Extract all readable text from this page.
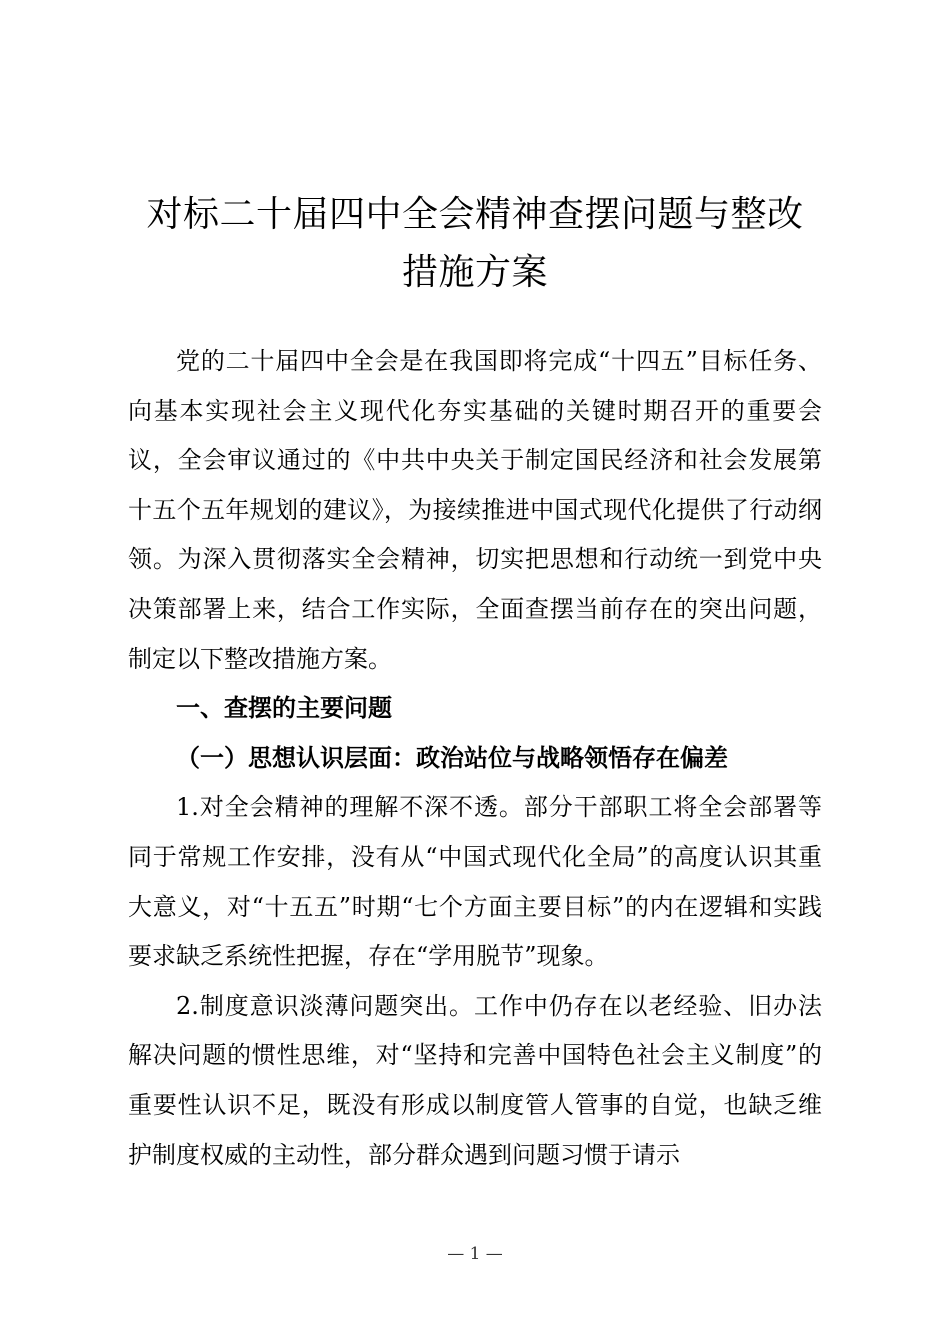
对标二十届四中全会精神查摆问题与整改
措施方案

党的二十届四中全会是在我国即将完成“十四五”目标任务、向基本实现社会主义现代化夯实基础的关键时期召开的重要会议，全会审议通过的《中共中央关于制定国民经济和社会发展第十五个五年规划的建议》，为接续推进中国式现代化提供了行动纲领。为深入贯彻落实全会精神，切实把思想和行动统一到党中央决策部署上来，结合工作实际，全面查摆当前存在的突出问题，制定以下整改措施方案。

一、查摆的主要问题

（一）思想认识层面：政治站位与战略领悟存在偏差

1.对全会精神的理解不深不透。部分干部职工将全会部署等同于常规工作安排，没有从“中国式现代化全局”的高度认识其重大意义，对“十五五”时期“七个方面主要目标”的内在逻辑和实践要求缺乏系统性把握，存在“学用脱节”现象。

2.制度意识淡薄问题突出。工作中仍存在以老经验、旧办法解决问题的惯性思维，对“坚持和完善中国特色社会主义制度”的重要性认识不足，既没有形成以制度管人管事的自觉，也缺乏维护制度权威的主动性，部分群众遇到问题习惯于请示

— 1 —
